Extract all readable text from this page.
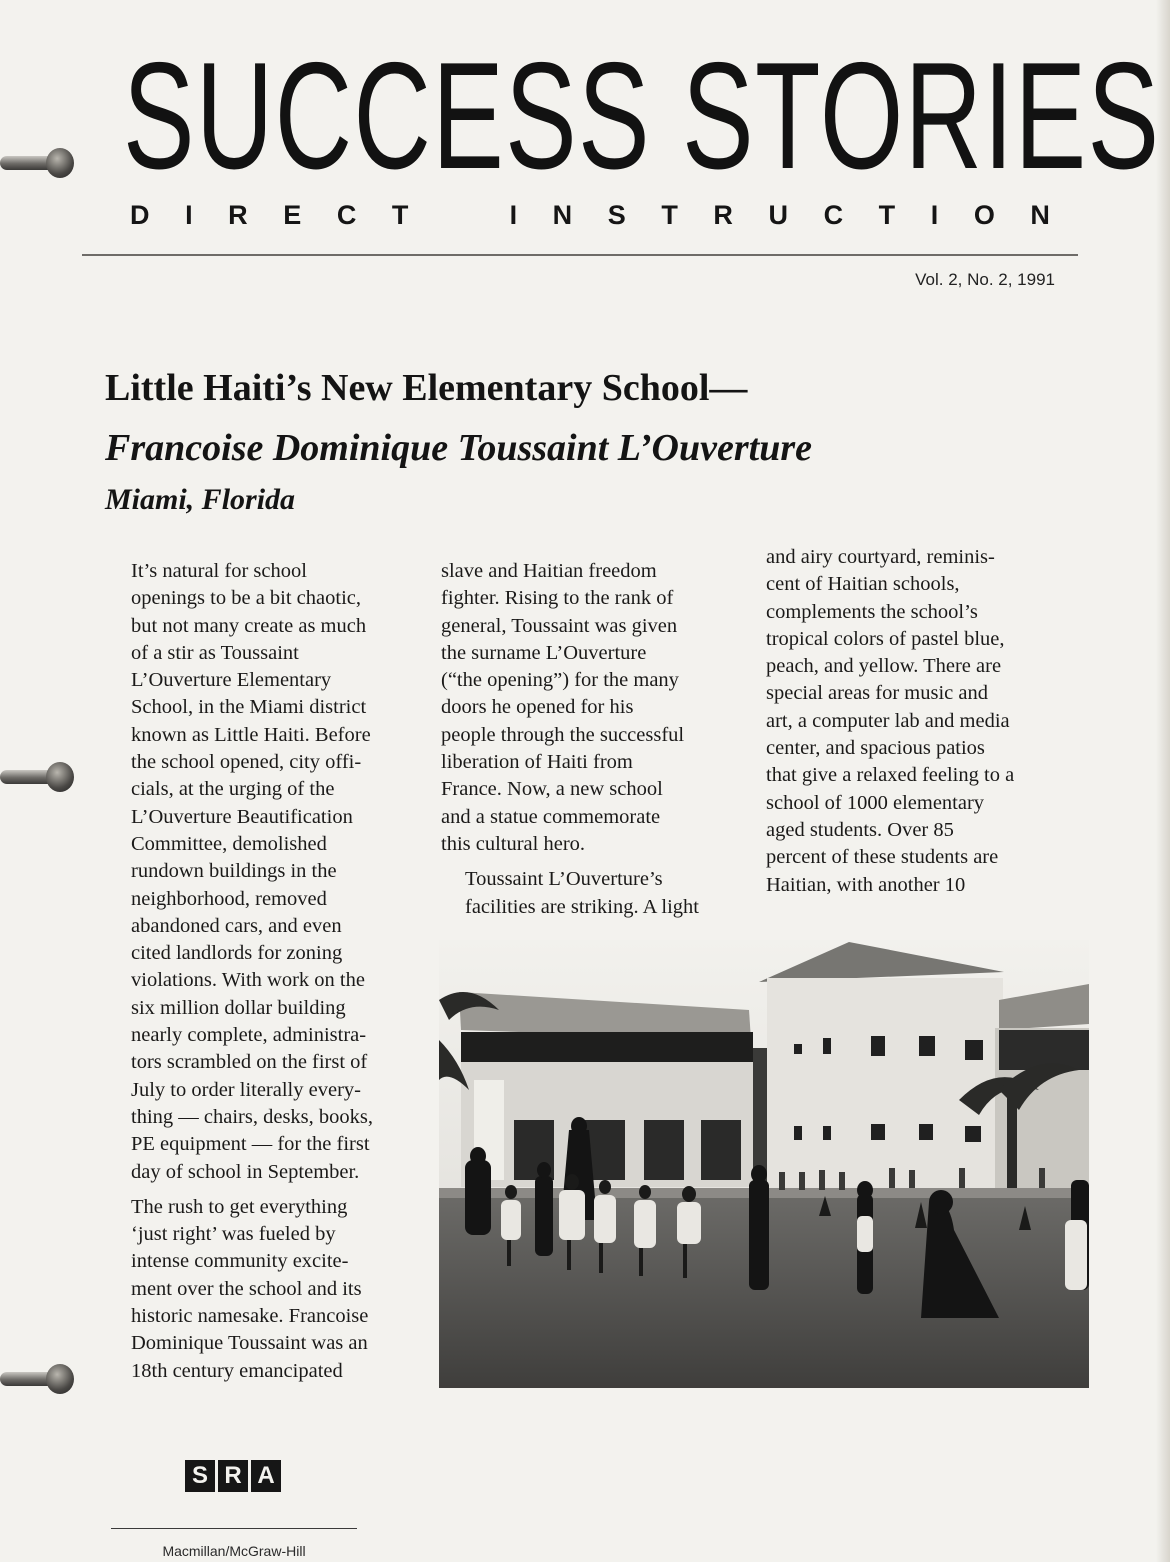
SUCCESS STORIES
D I R E C T	I N S T R U C T I O N
Vol. 2, No. 2, 1991
Little Haiti’s New Elementary School—
Francoise Dominique Toussaint L’Ouverture
Miami, Florida

It’s natural for school
openings to be a bit chaotic,
but not many create as much
of a stir as Toussaint
L’Ouverture Elementary
School, in the Miami district
known as Little Haiti. Before
the school opened, city offi-
cials, at the urging of the
L’Ouverture Beautification
Committee, demolished
rundown buildings in the
neighborhood, removed
abandoned cars, and even
cited landlords for zoning
violations. With work on the
six million dollar building
nearly complete, administra-
tors scrambled on the first of
July to order literally every-
thing — chairs, desks, books,
PE equipment — for the first
day of school in September.

The rush to get everything
‘just right’ was fueled by
intense community excite-
ment over the school and its
historic namesake. Francoise
Dominique Toussaint was an
18th century emancipated

slave and Haitian freedom
fighter. Rising to the rank of
general, Toussaint was given
the surname L’Ouverture
(“the opening”) for the many
doors he opened for his
people through the successful
liberation of Haiti from
France. Now, a new school
and a statue commemorate
this cultural hero.

Toussaint L’Ouverture’s
facilities are striking. A light

and airy courtyard, reminis-
cent of Haitian schools,
complements the school’s
tropical colors of pastel blue,
peach, and yellow. There are
special areas for music and
art, a computer lab and media
center, and spacious patios
that give a relaxed feeling to a
school of 1000 elementary
aged students. Over 85
percent of these students are
Haitian, with another 10

S R A
Macmillan/McGraw-Hill
